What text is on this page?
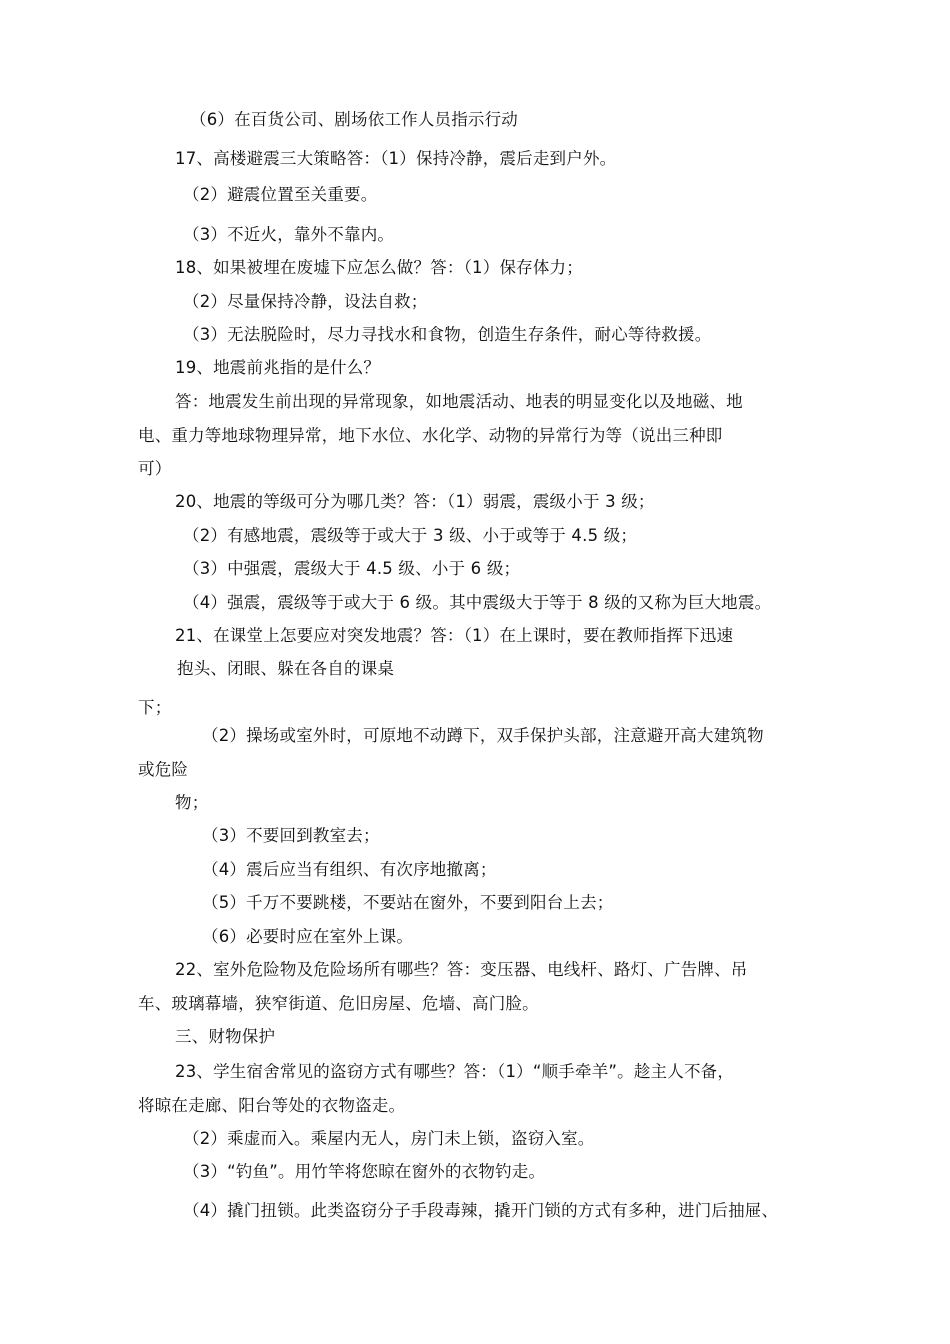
（6）在百货公司、剧场依工作人员指示行动
17、高楼避震三大策略答：（1）保持冷静，震后走到户外。
（2）避震位置至关重要。
（3）不近火，靠外不靠内。
18、如果被埋在废墟下应怎么做？答：（1）保存体力；
（2）尽量保持冷静，设法自救；
（3）无法脱险时，尽力寻找水和食物，创造生存条件，耐心等待救援。
19、地震前兆指的是什么？
答：地震发生前出现的异常现象，如地震活动、地表的明显变化以及地磁、地
电、重力等地球物理异常，地下水位、水化学、动物的异常行为等（说出三种即
可）
20、地震的等级可分为哪几类？答：（1）弱震，震级小于 3 级；
（2）有感地震，震级等于或大于 3 级、小于或等于 4.5 级；
（3）中强震，震级大于 4.5 级、小于 6 级；
（4）强震，震级等于或大于 6 级。其中震级大于等于 8 级的又称为巨大地震。
21、在课堂上怎要应对突发地震？答：（1）在上课时，要在教师指挥下迅速
抱头、闭眼、躲在各自的课桌
下；
（2）操场或室外时，可原地不动蹲下，双手保护头部，注意避开高大建筑物
或危险
物；
（3）不要回到教室去；
（4）震后应当有组织、有次序地撤离；
（5）千万不要跳楼，不要站在窗外，不要到阳台上去；
（6）必要时应在室外上课。
22、室外危险物及危险场所有哪些？答：变压器、电线杆、路灯、广告牌、吊
车、玻璃幕墙，狭窄街道、危旧房屋、危墙、高门脸。
三、财物保护
23、学生宿舍常见的盗窃方式有哪些？答：（1）“顺手牵羊”。趁主人不备，
将晾在走廊、阳台等处的衣物盗走。
（2）乘虚而入。乘屋内无人，房门未上锁，盗窃入室。
（3）“钓鱼”。用竹竿将您晾在窗外的衣物钓走。
（4）撬门扭锁。此类盗窃分子手段毒辣，撬开门锁的方式有多种，进门后抽屉、
